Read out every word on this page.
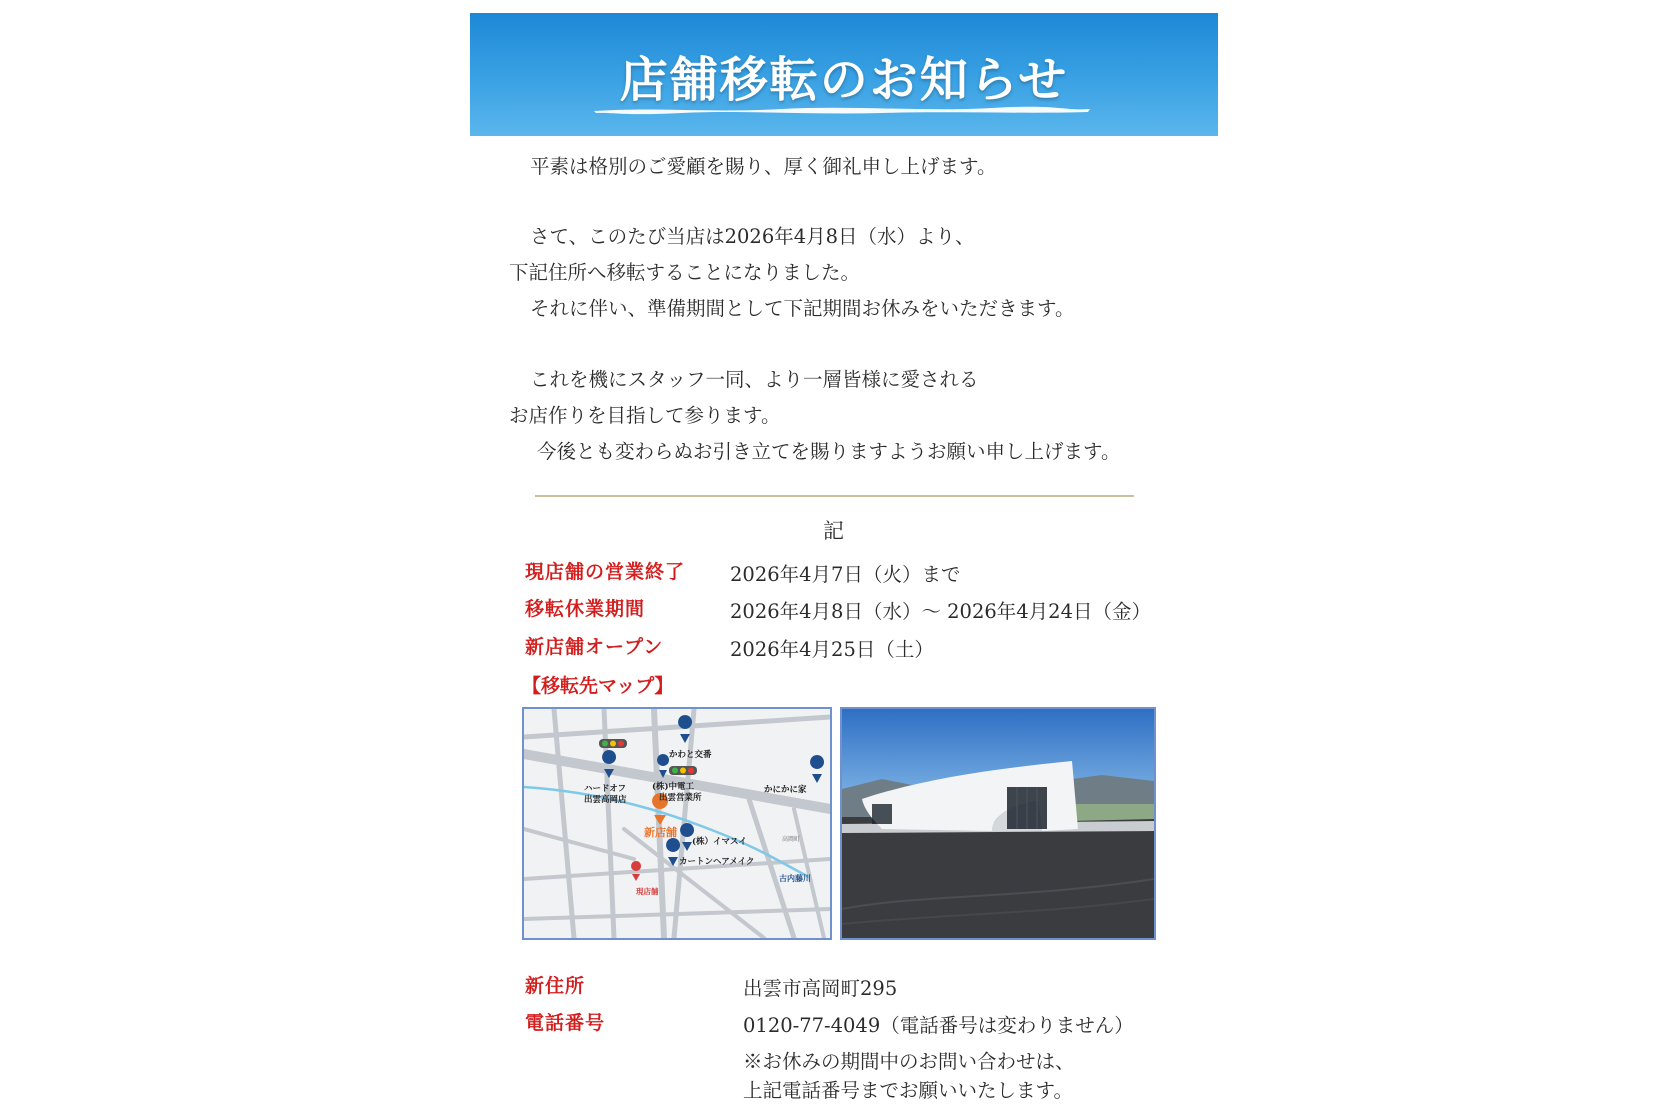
店舗移転のお知らせ
平素は格別のご愛顧を賜り、厚く御礼申し上げます。
さて、このたび当店は2026年4月8日（水）より、
下記住所へ移転することになりました。
それに伴い、準備期間として下記期間お休みをいただきます。
これを機にスタッフ一同、より一層皆様に愛される
お店作りを目指して参ります。
今後とも変わらぬお引き立てを賜りますようお願い申し上げます。
記
現店舗の営業終了 2026年4月7日（火）まで
移転休業期間	2026年4月8日（水）〜 2026年4月24日（金）
新店舗オープン	2026年4月25日（土）
【移転先マップ】
かわと交番
ハードオフ
出雲高岡店
(株)中電工
出雲営業所
かにかに家
(株）イマスイ
カートンヘアメイク
新店舗
高岡町
古内藤川
現店舗
新住所	出雲市高岡町295
電話番号	0120-77-4049（電話番号は変わりません）
※お休みの期間中のお問い合わせは、
上記電話番号までお願いいたします。
